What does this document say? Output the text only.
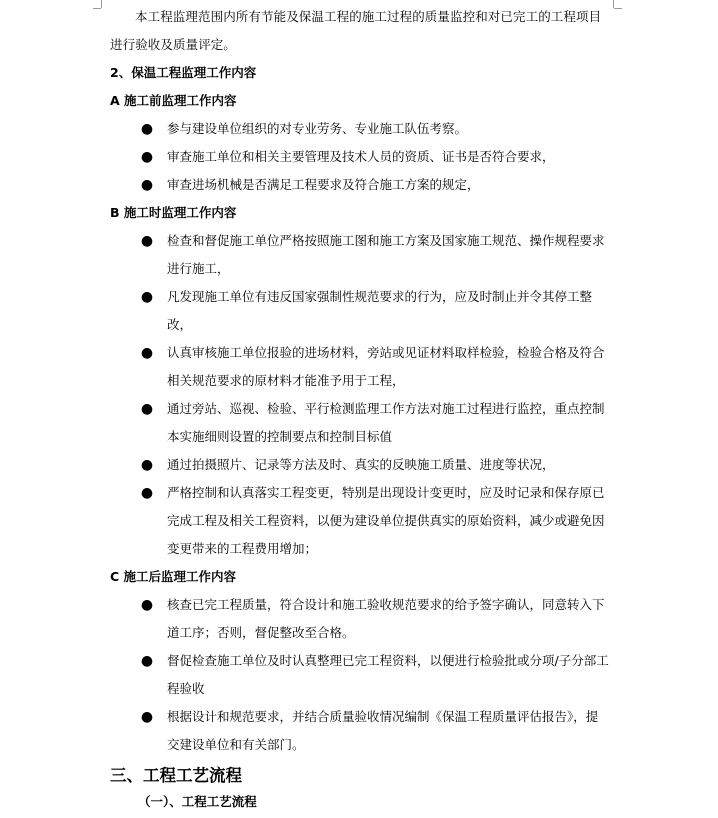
本工程监理范围内所有节能及保温工程的施工过程的质量监控和对已完工的工程项目进行验收及质量评定。

2、保温工程监理工作内容

A 施工前监理工作内容

● 参与建设单位组织的对专业劳务、专业施工队伍考察。
● 审查施工单位和相关主要管理及技术人员的资质、证书是否符合要求，
● 审查进场机械是否满足工程要求及符合施工方案的规定，

B 施工时监理工作内容

● 检查和督促施工单位严格按照施工图和施工方案及国家施工规范、操作规程要求进行施工，
● 凡发现施工单位有违反国家强制性规范要求的行为，应及时制止并令其停工整改，
● 认真审核施工单位报验的进场材料，旁站或见证材料取样检验，检验合格及符合相关规范要求的原材料才能准予用于工程，
● 通过旁站、巡视、检验、平行检测监理工作方法对施工过程进行监控，重点控制本实施细则设置的控制要点和控制目标值
● 通过拍摄照片、记录等方法及时、真实的反映施工质量、进度等状况，
● 严格控制和认真落实工程变更，特别是出现设计变更时，应及时记录和保存原已完成工程及相关工程资料，以便为建设单位提供真实的原始资料，减少或避免因变更带来的工程费用增加；

C 施工后监理工作内容

● 核查已完工程质量，符合设计和施工验收规范要求的给予签字确认，同意转入下道工序；否则，督促整改至合格。
● 督促检查施工单位及时认真整理已完工程资料，以便进行检验批或分项/子分部工程验收
● 根据设计和规范要求，并结合质量验收情况编制《保温工程质量评估报告》，提交建设单位和有关部门。

三、工程工艺流程

（一）、工程工艺流程
